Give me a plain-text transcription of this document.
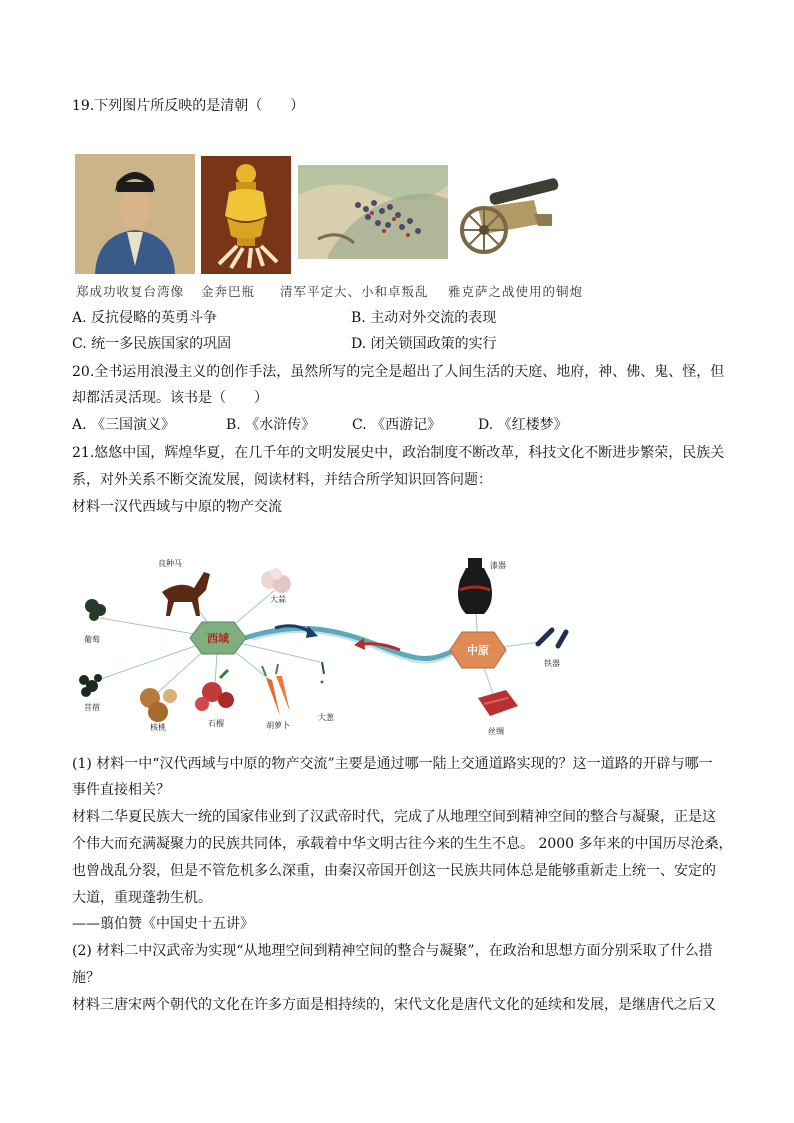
19.下列图片所反映的是清朝（　　）
郑成功收复台湾像 金奔巴瓶 清军平定大、小和卓叛乱 雅克萨之战使用的铜炮
A. 反抗侵略的英勇斗争	B. 主动对外交流的表现
C. 统一多民族国家的巩固	D. 闭关锁国政策的实行
20.全书运用浪漫主义的创作手法，虽然所写的完全是超出了人间生活的天庭、地府，神、佛、鬼、怪，但
却都活灵活现。该书是（　　）
A. 《三国演义》	B. 《水浒传》	C. 《西游记》	D. 《红楼梦》
21.悠悠中国，辉煌华夏，在几千年的文明发展史中，政治制度不断改革，科技文化不断进步繁荣，民族关
系，对外关系不断交流发展，阅读材料，并结合所学知识回答问题：
材料一汉代西域与中原的物产交流
西域
中原
良种马
大蒜
葡萄
苜蓿
核桃	石榴	胡萝卜
大葱
漆器
铁器
丝绸
(1) 材料一中“汉代西域与中原的物产交流”主要是通过哪一陆上交通道路实现的？这一道路的开辟与哪一
事件直接相关？
材料二华夏民族大一统的国家伟业到了汉武帝时代，完成了从地理空间到精神空间的整合与凝聚，正是这
个伟大而充满凝聚力的民族共同体，承载着中华文明古往今来的生生不息。 2000 多年来的中国历尽沧桑，
也曾战乱分裂，但是不管危机多么深重，由秦汉帝国开创这一民族共同体总是能够重新走上统一、安定的
大道，重现蓬勃生机。
——翦伯赞《中国史十五讲》
(2) 材料二中汉武帝为实现“从地理空间到精神空间的整合与凝聚”，在政治和思想方面分别采取了什么措
施？
材料三唐宋两个朝代的文化在许多方面是相持续的，宋代文化是唐代文化的延续和发展，是继唐代之后又
